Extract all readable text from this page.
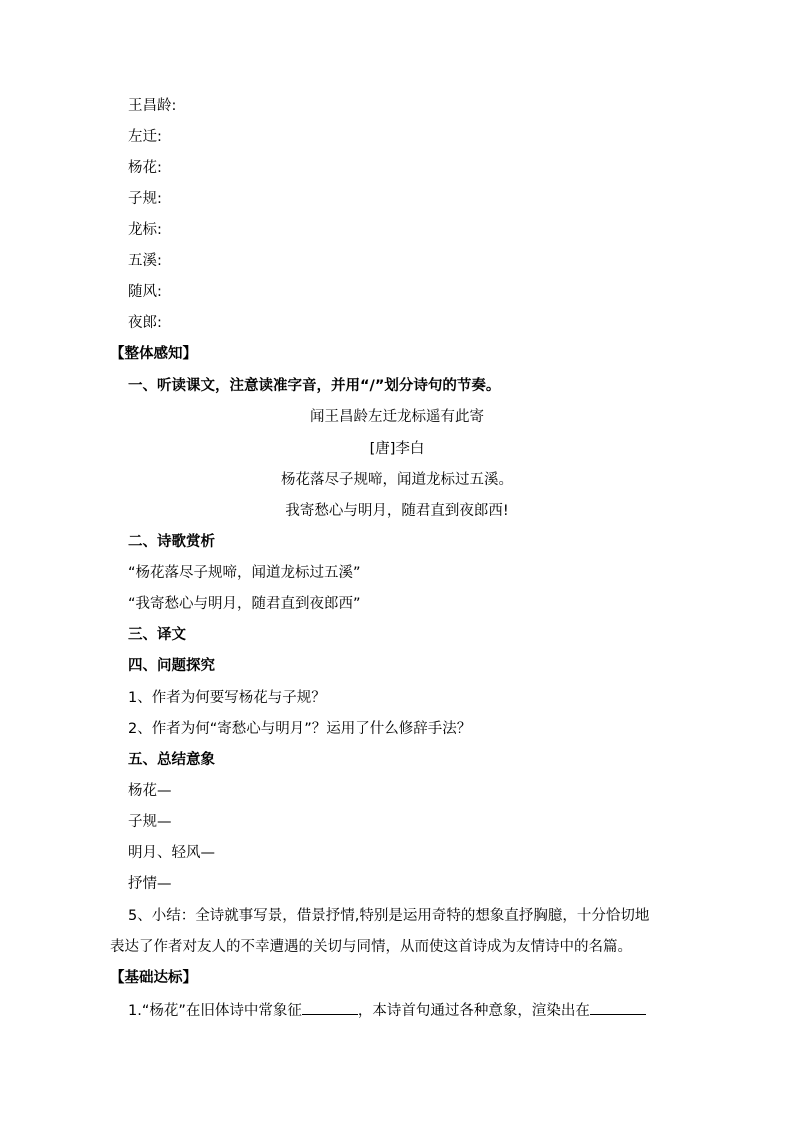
王昌龄:
左迁:
杨花:
子规:
龙标:
五溪:
随风:
夜郎:
【整体感知】
一、听读课文，注意读准字音，并用“/”划分诗句的节奏。
闻王昌龄左迁龙标遥有此寄
[唐]李白
杨花落尽子规啼，闻道龙标过五溪。
我寄愁心与明月，随君直到夜郎西!
二、诗歌赏析
“杨花落尽子规啼，闻道龙标过五溪”
“我寄愁心与明月，随君直到夜郎西”
三、译文
四、问题探究
1、作者为何要写杨花与子规？
2、作者为何“寄愁心与明月”？运用了什么修辞手法？
五、总结意象
杨花—
子规—
明月、轻风—
抒情—
5、小结：全诗就事写景，借景抒情,特别是运用奇特的想象直抒胸臆，十分恰切地
表达了作者对友人的不幸遭遇的关切与同情，从而使这首诗成为友情诗中的名篇。
【基础达标】
1.“杨花”在旧体诗中常象征	，本诗首句通过各种意象，渲染出在
